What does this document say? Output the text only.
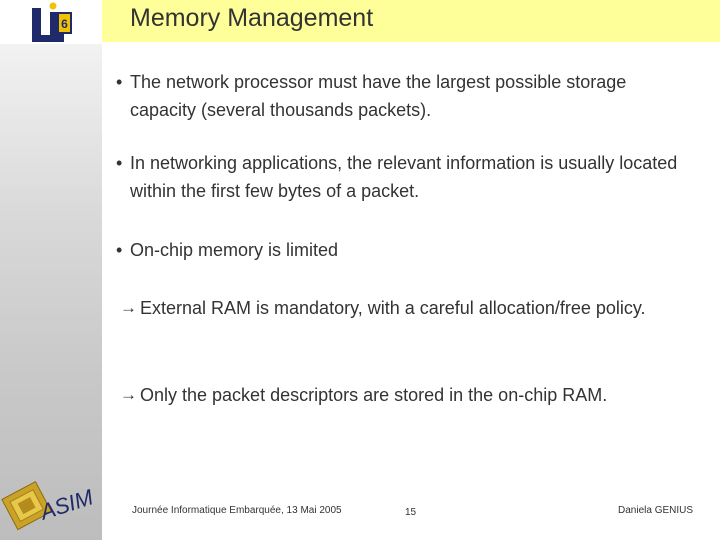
6 Memory Management
• The network processor must have the largest possible storage capacity (several thousands packets).
• In networking applications, the relevant information is usually located within the first few bytes of a packet.
• On-chip memory is limited
→ External RAM is mandatory, with a careful allocation/free policy.
→ Only the packet descriptors are stored in the on-chip RAM.
ASIM	Journée Informatique Embarquée, 13 Mai 2005	15	Daniela GENIUS
